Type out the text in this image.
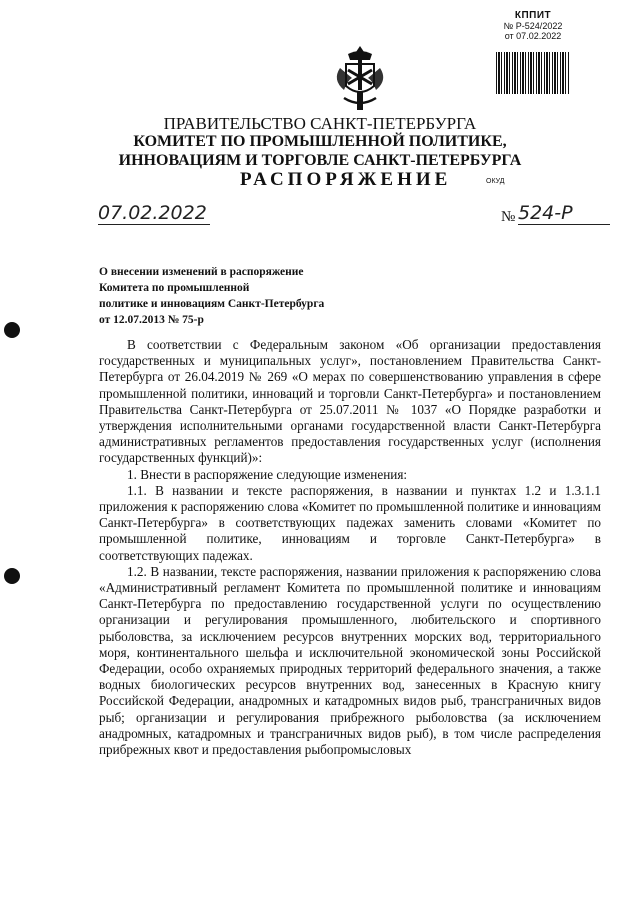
КППИТ
№ Р-524/2022
от 07.02.2022
ПРАВИТЕЛЬСТВО САНКТ-ПЕТЕРБУРГА
КОМИТЕТ ПО ПРОМЫШЛЕННОЙ ПОЛИТИКЕ,
ИННОВАЦИЯМ И ТОРГОВЛЕ САНКТ-ПЕТЕРБУРГА
РАСПОРЯЖЕНИЕ	ОКУД
07.02.2022	№ 524-Р
О внесении изменений в распоряжение
Комитета по промышленной
политике и инновациям Санкт-Петербурга
от 12.07.2013 № 75-р

В соответствии с Федеральным законом «Об организации предоставления государственных и муниципальных услуг», постановлением Правительства Санкт-Петербурга от 26.04.2019 № 269 «О мерах по совершенствованию управления в сфере промышленной политики, инноваций и торговли Санкт-Петербурга» и постановлением Правительства Санкт-Петербурга от 25.07.2011 № 1037 «О Порядке разработки и утверждения исполнительными органами государственной власти Санкт-Петербурга административных регламентов предоставления государственных услуг (исполнения государственных функций)»:

1. Внести в распоряжение следующие изменения:

1.1. В названии и тексте распоряжения, в названии и пунктах 1.2 и 1.3.1.1 приложения к распоряжению слова «Комитет по промышленной политике и инновациям Санкт-Петербурга» в соответствующих падежах заменить словами «Комитет по промышленной политике, инновациям и торговле Санкт-Петербурга» в соответствующих падежах.

1.2. В названии, тексте распоряжения, названии приложения к распоряжению слова «Административный регламент Комитета по промышленной политике и инновациям Санкт-Петербурга по предоставлению государственной услуги по осуществлению организации и регулирования промышленного, любительского и спортивного рыболовства, за исключением ресурсов внутренних морских вод, территориального моря, континентального шельфа и исключительной экономической зоны Российской Федерации, особо охраняемых природных территорий федерального значения, а также водных биологических ресурсов внутренних вод, занесенных в Красную книгу Российской Федерации, анадромных и катадромных видов рыб, трансграничных видов рыб; организации и регулирования прибрежного рыболовства (за исключением анадромных, катадромных и трансграничных видов рыб), в том числе распределения прибрежных квот и предоставления рыбопромысловых
